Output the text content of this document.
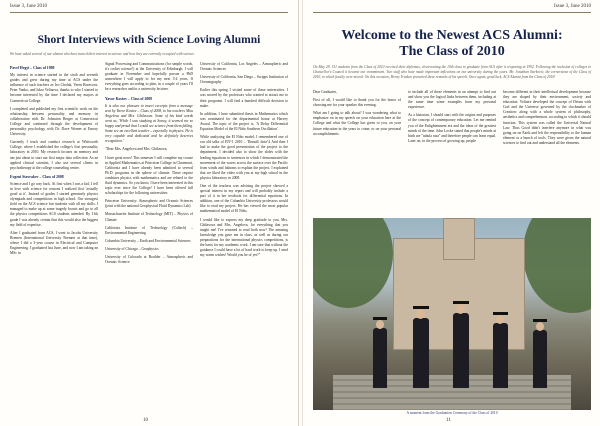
Issue 3, June 2010
Short Interviews with Science Loving Alumni
We have asked several of our alumni who have turned their interest in science and how they are currently occupied with science.

Pavel Hegyi – Class of 1998

My interest in science started in the sixth and seventh grades and grew during my time at ACS under the influence of such teachers as Ivo Cholak, Veren Boresova, Peter Vanko, and Iskra Velinova, thanks to who I started to become interested by the time I declared my majors at Connecticut College.

I completed and published my first scientific work on the relationship between personality and memory in collaboration with Dr. Johnston Berger at Connecticut College and continued through the development of personality psychology with Dr. Dave Werner at Emory University.

Currently I teach and conduct research at Whitworth College, where I established the college's first personality laboratory in 2010. My research focuses on memory and am just about to start our first major data collection. As an applied clinical scientist, I also use several clients in psychotherapy at the college counseling center.

Evgeni Stavrakev – Class of 2008

Science and I go way back. At first when I was a kid, I fell in love with science for reasons I realized first 'actually good at it'. Instead of grades I started genuinely physics olympiads and competitions in high school. Our strongest field on the ACS science fair students with all my skills. I managed to make up at some tragedy boosts and go to all the physics competitions ACS students attended. By 11th grade I was already certain that this would also the biggest my field of expertise.

After I graduated from ACS, I went to Jacobs University Bremen (International University Bremen at that time), where I did a 3-year course in Electrical and Computer Engineering. I graduated last June, and now I am taking an MSc in

Signal Processing and Communications (for simple words, it's rocket science!) at the University of Edinburgh. I will graduate in November and hopefully pursue a PhD somewhere I will apply to for my next 3-4 years. If everything goes according to plan, in a couple of years I'll be a researcher and/or a university lecturer.

Yavor Kostov – Class of 2008

It is also our pleasure to insert excerpts from a message sent by Yavor Kostov – Class of 2008, to his teachers Miss Angelova and Mrs. Ghilasova. Some of his kind words went as, 'While I was studying at Sonoy, it seemed me so happy and proud that I could see science from them falling. Some see an excellent teacher – especially in physics. He is very capable and dedicated and he definitely deserves recognition.'

"Dear Mrs. Angelova and Mrs. Ghilasova,

I have great news! This semester I will complete my course in Applied Mathematics at Princeton College in Claremont, California and I have already been admitted to several Ph.D. programs in the sphere of climate. These require combines physics with mathematics and are related to the fluid dynamics. So you know, I have been interested in this topic ever since the College! I have been offered full scholarships for the following universities:

Princeton University: Atmospheric and Oceanic Sciences (joint with the national Geophysical Fluid Dynamics Lab)

Massachusetts Institute of Technology (MIT) – Physics of Climate

California Institute of Technology (Caltech) – Environmental Engineering

Columbia University – Earth and Environmental Sciences

University of Chicago – Geophysics

University of Colorado at Boulder – Atmospheric and Oceanic Science

University of California, Los Angeles – Atmospheric and Oceanic Sciences

University of California, San Diego – Scripps Institution of Oceanography

Earlier this spring I visited some of these universities. I was moved by the professors who wanted to attract me to their programs. I will find a hundred difficult decision to make.

In addition, I have submitted thesis in Mathematics which was nominated for the departmental honor at Harvey Award. The topic of the project is, 'A Delay Differential Equation Model of the El Niño Southern Oscillation'.

While analyzing the El Niño model, I remembered one of our old talks of EN^1 2010 – 'Donath' data^2 And then I had to make the good presentation of the project to the department. I decided also to show the slides with the leading equations to sentences in which I demonstrated the movement of the waves across the surface over the Pacific from winds and fathoms to explain the project. I explained that we liked the video with you at my high school in the physics laboratory in 2008.

One of the teachers was advising the project showed a special interest in my report and will probably include a part of it in her textbook for differential equations. In addition, one of the Columbia University professors would like to read my project. He has viewed the most popular mathematical model of El Niño.

I would like to express my deep gratitude to you, Mrs. Ghilasova and Mrs. Angelova, for everything that you taught me! I've returned to read both now! The amazing knowledge you gave me in class, as well as during our preparations for the international physics competitions, is the basis for my academic work. I am sure that without the guidance I could have a lot of hard work to keep up. I send my warm wishes! Would you be of yet?"

10
Issue 3, June 2010
Welcome to the Newest ACS Alumni:
The Class of 2010
On May 29, 151 students from the Class of 2010 received their diplomas, electrocuting the 10th class to graduate from ACS after it reopening in 1992. Following the inclusion of colleges in Chancellor's Council it became our commitment. Two staff who have made important inflections on our university during the years. Mr. Jonathan Sterkovic, the cornerstone of the Class of 2010, to which faculty were moved. On this occasion, Henry Truskov presented these remarks of his speech. Once again, good luck, ACS Alumni from the Class of 2010!

Dear Graduates,

First of all, I would like to thank you for the honor of choosing me for your speaker this evening.

What am I going to talk about? I was wondering what to emphasize on in my speech on your education here at the College and what the College has given to you, on your future education in the years to come, or on your personal accomplishments.

to include all of these elements in an attempt to find out and show you the logical links between them, including at the same time some examples from my personal experience.

As a historian, I should start with the origins and purposes of the concept of contemporary education. Let me remind you of the Enlightenment era and the ideas of the greatest minds of the time. John Locke stated that people's minds at birth are "tabula rasa" and therefore people can learn equal. Later on, in the process of growing up, people

become different in their intellectual development because they are shaped by their environment, society and education. Voltaire developed the concept of Deism with God and the Universe governed by the clockmaker of Creation: along with a whole system of philosophy, aesthetics and comprehension, according to which it should function. This system was called the Universal Natural Law. Thus Good didn't interfere anymore in what was going on on Earth and left the responsibility to the human element or a bunch of tools. They were given the natural sciences to find out and understand all the elements.

A moment from the Graduation Ceremony of the Class of 2010
11
